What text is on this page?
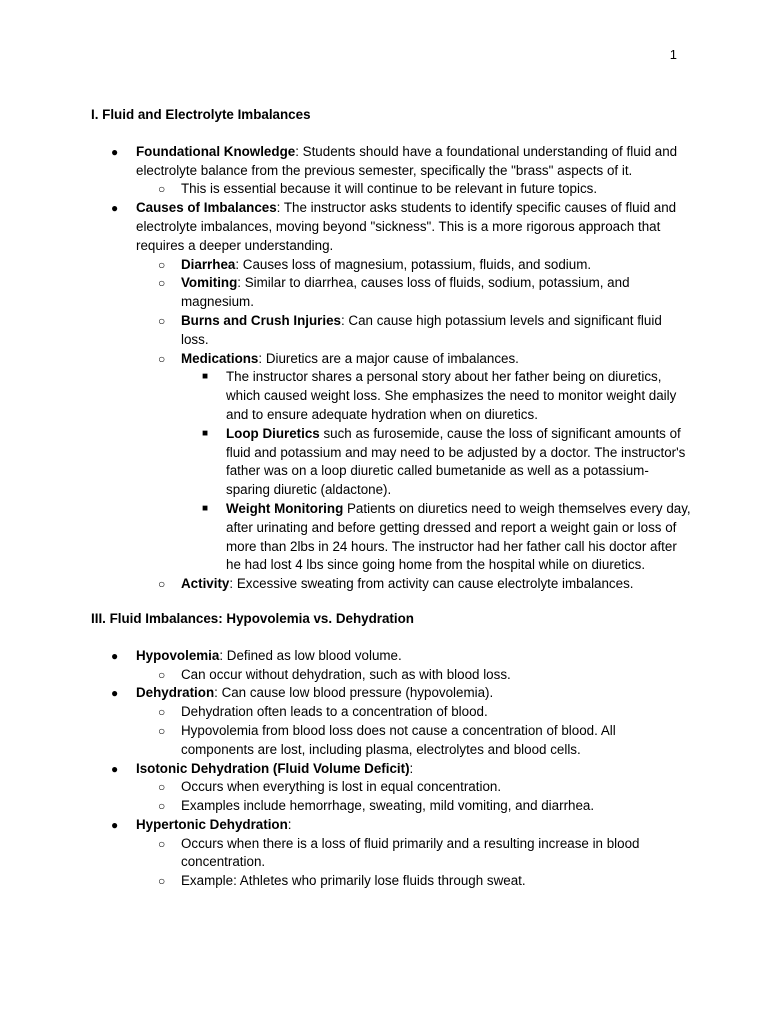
1
I. Fluid and Electrolyte Imbalances
● Foundational Knowledge: Students should have a foundational understanding of fluid and electrolyte balance from the previous semester, specifically the "brass" aspects of it.
○ This is essential because it will continue to be relevant in future topics.
● Causes of Imbalances: The instructor asks students to identify specific causes of fluid and electrolyte imbalances, moving beyond "sickness". This is a more rigorous approach that requires a deeper understanding.
○ Diarrhea: Causes loss of magnesium, potassium, fluids, and sodium.
○ Vomiting: Similar to diarrhea, causes loss of fluids, sodium, potassium, and magnesium.
○ Burns and Crush Injuries: Can cause high potassium levels and significant fluid loss.
○ Medications: Diuretics are a major cause of imbalances.
■ The instructor shares a personal story about her father being on diuretics, which caused weight loss. She emphasizes the need to monitor weight daily and to ensure adequate hydration when on diuretics.
■ Loop Diuretics such as furosemide, cause the loss of significant amounts of fluid and potassium and may need to be adjusted by a doctor. The instructor's father was on a loop diuretic called bumetanide as well as a potassium-sparing diuretic (aldactone).
■ Weight Monitoring Patients on diuretics need to weigh themselves every day, after urinating and before getting dressed and report a weight gain or loss of more than 2lbs in 24 hours. The instructor had her father call his doctor after he had lost 4 lbs since going home from the hospital while on diuretics.
○ Activity: Excessive sweating from activity can cause electrolyte imbalances.
III. Fluid Imbalances: Hypovolemia vs. Dehydration
● Hypovolemia: Defined as low blood volume.
○ Can occur without dehydration, such as with blood loss.
● Dehydration: Can cause low blood pressure (hypovolemia).
○ Dehydration often leads to a concentration of blood.
○ Hypovolemia from blood loss does not cause a concentration of blood. All components are lost, including plasma, electrolytes and blood cells.
● Isotonic Dehydration (Fluid Volume Deficit):
○ Occurs when everything is lost in equal concentration.
○ Examples include hemorrhage, sweating, mild vomiting, and diarrhea.
● Hypertonic Dehydration:
○ Occurs when there is a loss of fluid primarily and a resulting increase in blood concentration.
○ Example: Athletes who primarily lose fluids through sweat.
